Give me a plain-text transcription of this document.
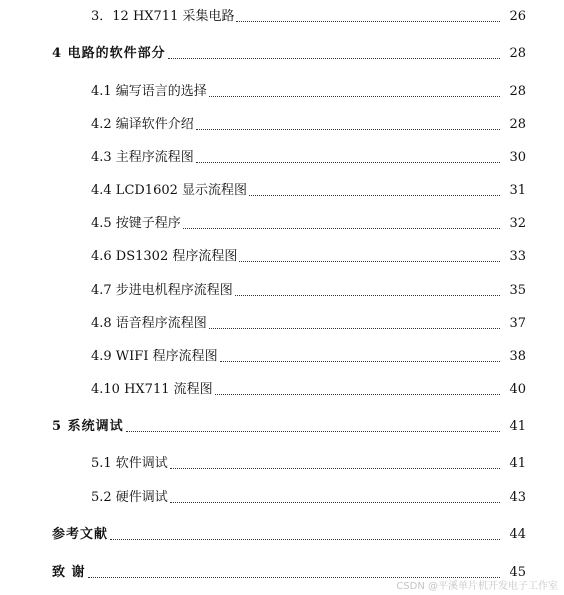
3．12 HX711 采集电路	26
4 电路的软件部分	28
4.1 编写语言的选择	28
4.2 编译软件介绍	28
4.3 主程序流程图	30
4.4 LCD1602 显示流程图	31
4.5 按键子程序	32
4.6 DS1302 程序流程图	33
4.7 步进电机程序流程图	35
4.8 语音程序流程图	37
4.9 WIFI 程序流程图	38
4.10 HX711 流程图	40
5 系统调试	41
5.1 软件调试	41
5.2 硬件调试	43
参考文献	44
致 谢	45
CSDN @平溪单片机开发电子工作室
